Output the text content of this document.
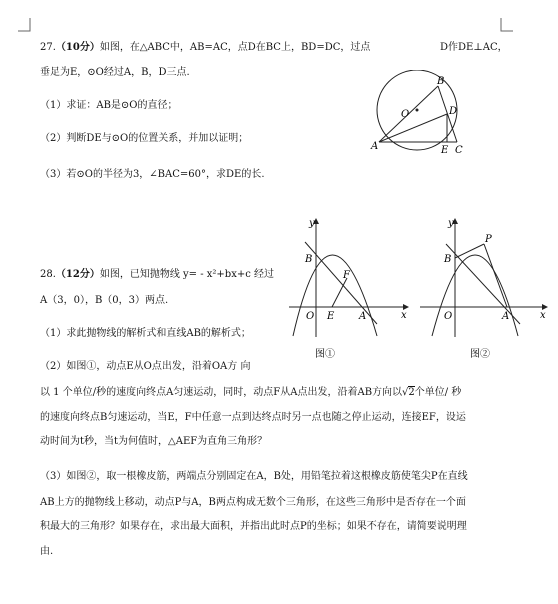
27.（10分）如图，在△ABC中，AB=AC，点D在BC上，BD=DC，过点	D作DE⊥AC，
垂足为E，⊙O经过A，B，D三点.
（1）求证：AB是⊙O的直径；
（2）判断DE与⊙O的位置关系，并加以证明；
（3）若⊙O的半径为3，∠BAC=60°，求DE的长.
A
B
D
E C
O
28.（12分）如图，已知抛物线 y= - x²+bx+c 经过
A（3，0），B（0，3）两点.
（1）求此抛物线的解析式和直线AB的解析式；
（2）如图①，动点E从O点出发，沿着OA方 向
以 1 个单位/秒的速度向终点A匀速运动，同时，动点F从A点出发，沿着AB方向以√2个单位/ 秒
的速度向终点B匀速运动，当E，F中任意一点到达终点时另一点也随之停止运动，连接EF，设运
动时间为t秒，当t为何值时，△AEF为直角三角形？
（3）如图②，取一根橡皮筋，两端点分别固定在A，B处，用铅笔拉着这根橡皮筋使笔尖P在直线
AB上方的抛物线上移动，动点P与A，B两点构成无数个三角形，在这些三角形中是否存在一个面
积最大的三角形？如果存在，求出最大面积，并指出此时点P的坐标；如果不存在，请简要说明理
由.
y
B
F
O E A	x
图①
y
B
P
O	A	x
图②
